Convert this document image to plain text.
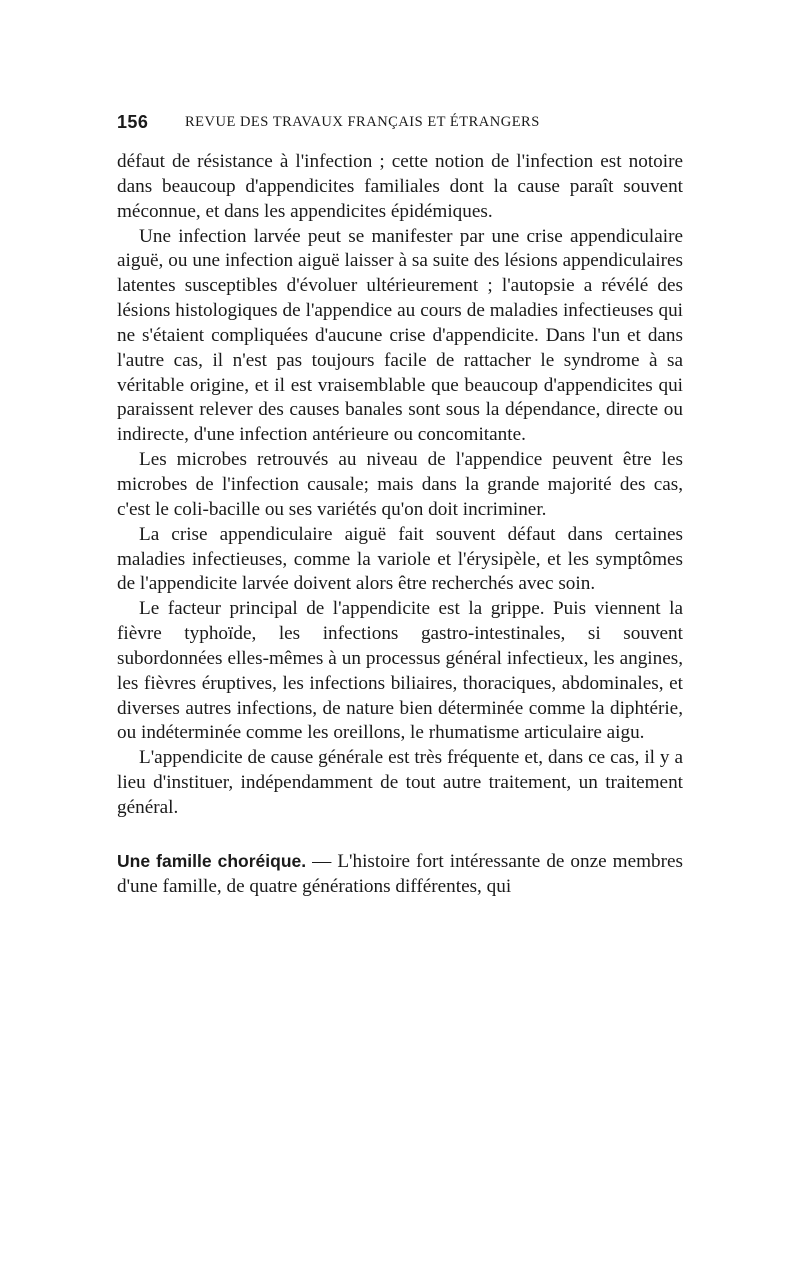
156	REVUE DES TRAVAUX FRANÇAIS ET ÉTRANGERS

défaut de résistance à l'infection ; cette notion de l'infection est notoire dans beaucoup d'appendicites familiales dont la cause paraît souvent méconnue, et dans les appendicites épidémiques.

Une infection larvée peut se manifester par une crise appendiculaire aiguë, ou une infection aiguë laisser à sa suite des lésions appendiculaires latentes susceptibles d'évoluer ultérieurement ; l'autopsie a révélé des lésions histologiques de l'appendice au cours de maladies infectieuses qui ne s'étaient compliquées d'aucune crise d'appendicite. Dans l'un et dans l'autre cas, il n'est pas toujours facile de rattacher le syndrome à sa véritable origine, et il est vraisemblable que beaucoup d'appendicites qui paraissent relever des causes banales sont sous la dépendance, directe ou indirecte, d'une infection antérieure ou concomitante.

Les microbes retrouvés au niveau de l'appendice peuvent être les microbes de l'infection causale; mais dans la grande majorité des cas, c'est le coli-bacille ou ses variétés qu'on doit incriminer.

La crise appendiculaire aiguë fait souvent défaut dans certaines maladies infectieuses, comme la variole et l'érysipèle, et les symptômes de l'appendicite larvée doivent alors être recherchés avec soin.

Le facteur principal de l'appendicite est la grippe. Puis viennent la fièvre typhoïde, les infections gastro-intestinales, si souvent subordonnées elles-mêmes à un processus général infectieux, les angines, les fièvres éruptives, les infections biliaires, thoraciques, abdominales, et diverses autres infections, de nature bien déterminée comme la diphtérie, ou indéterminée comme les oreillons, le rhumatisme articulaire aigu.

L'appendicite de cause générale est très fréquente et, dans ce cas, il y a lieu d'instituer, indépendamment de tout autre traitement, un traitement général.

Une famille choréique. — L'histoire fort intéressante de onze membres d'une famille, de quatre générations différentes, qui
